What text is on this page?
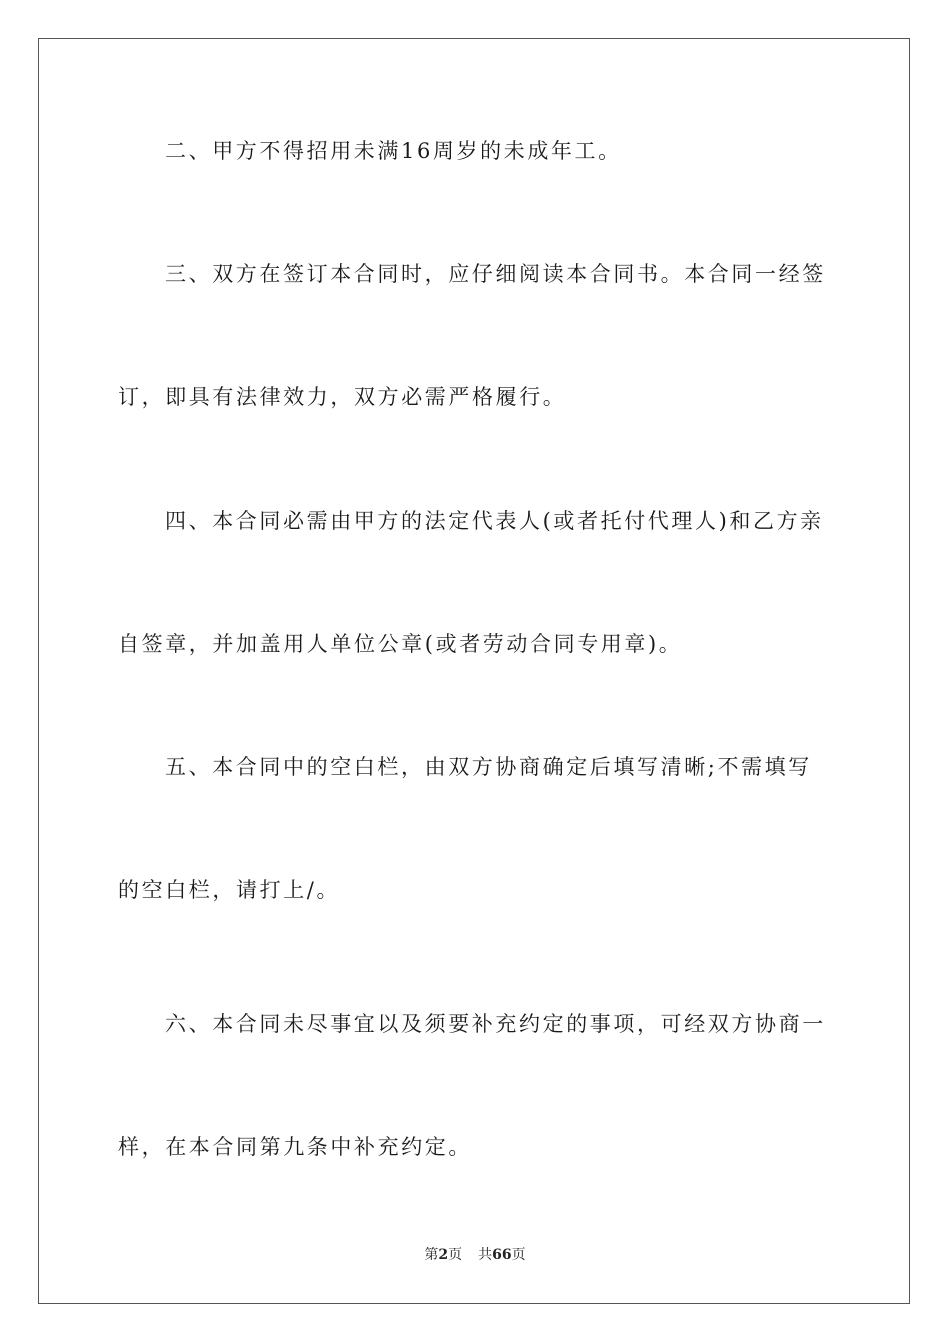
二、甲方不得招用未满16周岁的未成年工。
三、双方在签订本合同时，应仔细阅读本合同书。本合同一经签
订，即具有法律效力，双方必需严格履行。
四、本合同必需由甲方的法定代表人(或者托付代理人)和乙方亲
自签章，并加盖用人单位公章(或者劳动合同专用章)。
五、本合同中的空白栏，由双方协商确定后填写清晰;不需填写
的空白栏，请打上/。
六、本合同未尽事宜以及须要补充约定的事项，可经双方协商一
样，在本合同第九条中补充约定。
第2页 共66页
